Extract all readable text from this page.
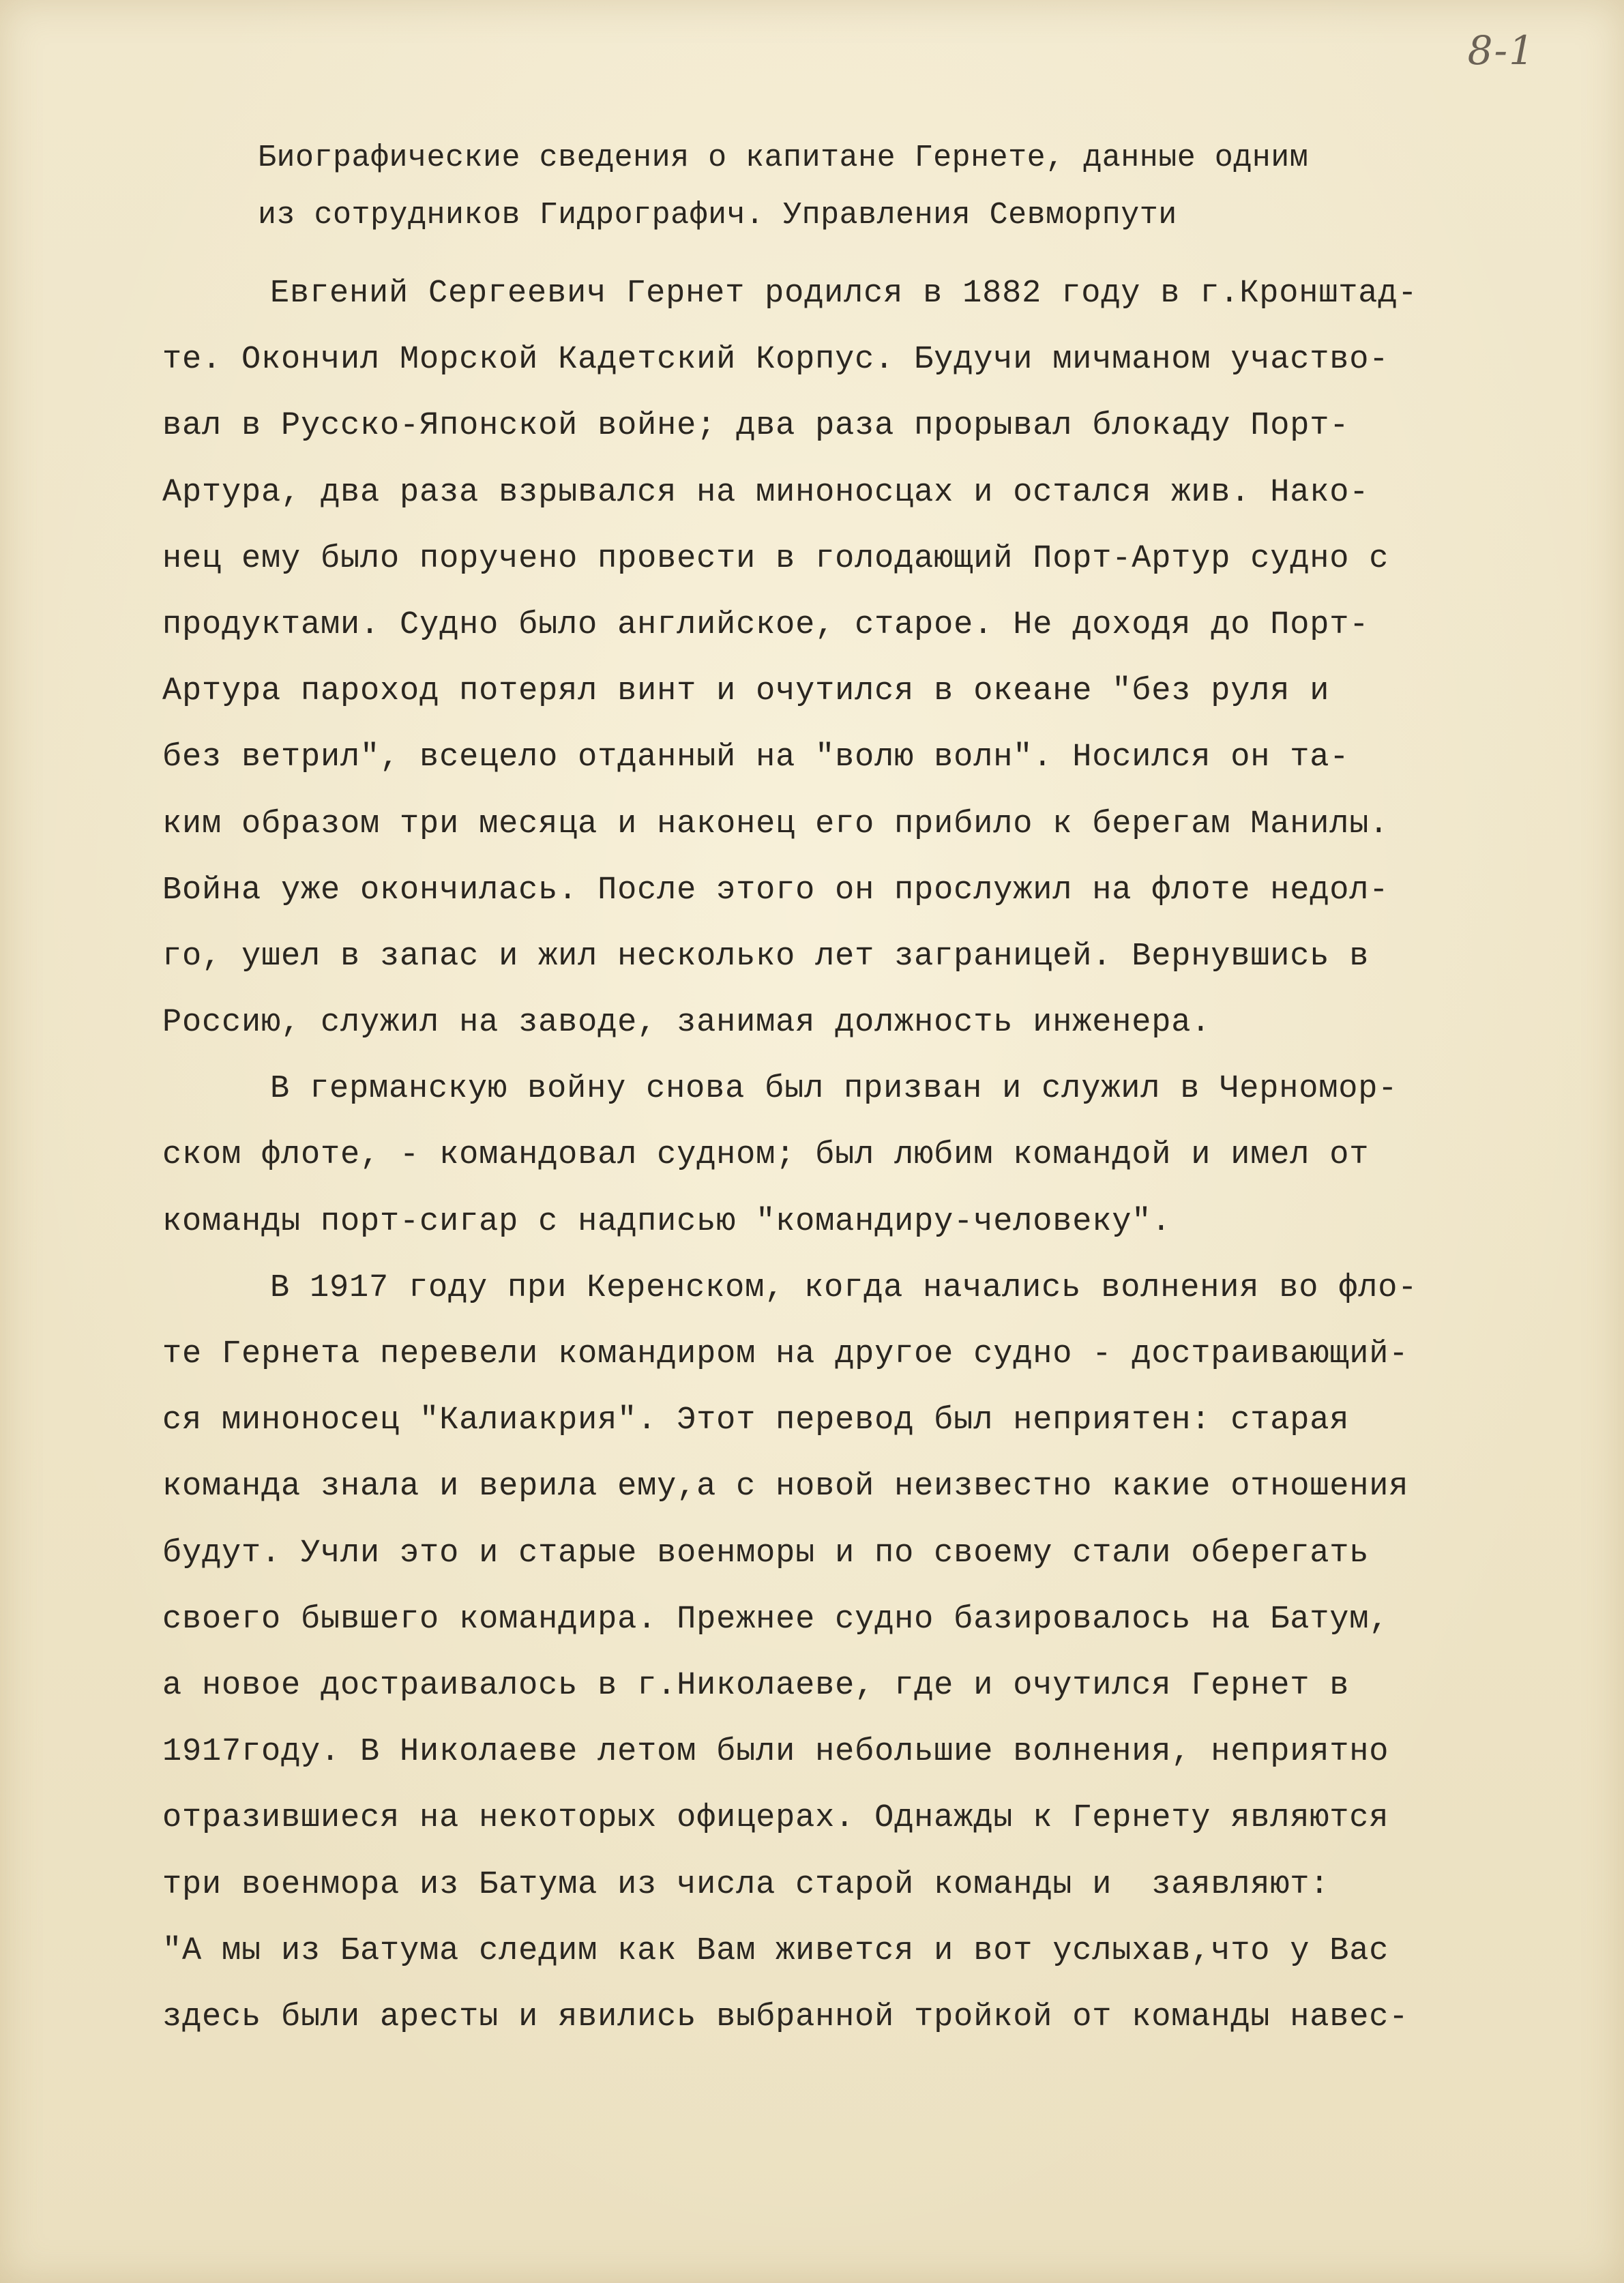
8-1
Биографические сведения о капитане Гернете, данные одним
из сотрудников Гидрографич. Управления Севморпути
Евгений Сергеевич Гернет родился в 1882 году в г.Кронштад-
те. Окончил Морской Кадетский Корпус. Будучи мичманом участво-
вал в Русско-Японской войне; два раза прорывал блокаду Порт-
Артура, два раза взрывался на миноносцах и остался жив. Нако-
нец ему было поручено провести в голодающий Порт-Артур судно с
продуктами. Судно было английское, старое. Не доходя до Порт-
Артура пароход потерял винт и очутился в океане "без руля и
без ветрил", всецело отданный на "волю волн". Носился он та-
ким образом три месяца и наконец его прибило к берегам Манилы.
Война уже окончилась. После этого он прослужил на флоте недол-
го, ушел в запас и жил несколько лет заграницей. Вернувшись в
Россию, служил на заводе, занимая должность инженера.
В германскую войну снова был призван и служил в Черномор-
ском флоте, - командовал судном; был любим командой и имел от
команды порт-сигар с надписью "командиру-человеку".
В 1917 году при Керенском, когда начались волнения во фло-
те Гернета перевели командиром на другое судно - достраивающий-
ся миноносец "Калиакрия". Этот перевод был неприятен: старая
команда знала и верила ему,а с новой неизвестно какие отношения
будут. Учли это и старые военморы и по своему стали оберегать
своего бывшего командира. Прежнее судно базировалось на Батум,
а новое достраивалось в г.Николаеве, где и очутился Гернет в
1917году. В Николаеве летом были небольшие волнения, неприятно
отразившиеся на некоторых офицерах. Однажды к Гернету являются
три военмора из Батума из числа старой команды и  заявляют:
"А мы из Батума следим как Вам живется и вот услыхав,что у Вас
здесь были аресты и явились выбранной тройкой от команды навес-
